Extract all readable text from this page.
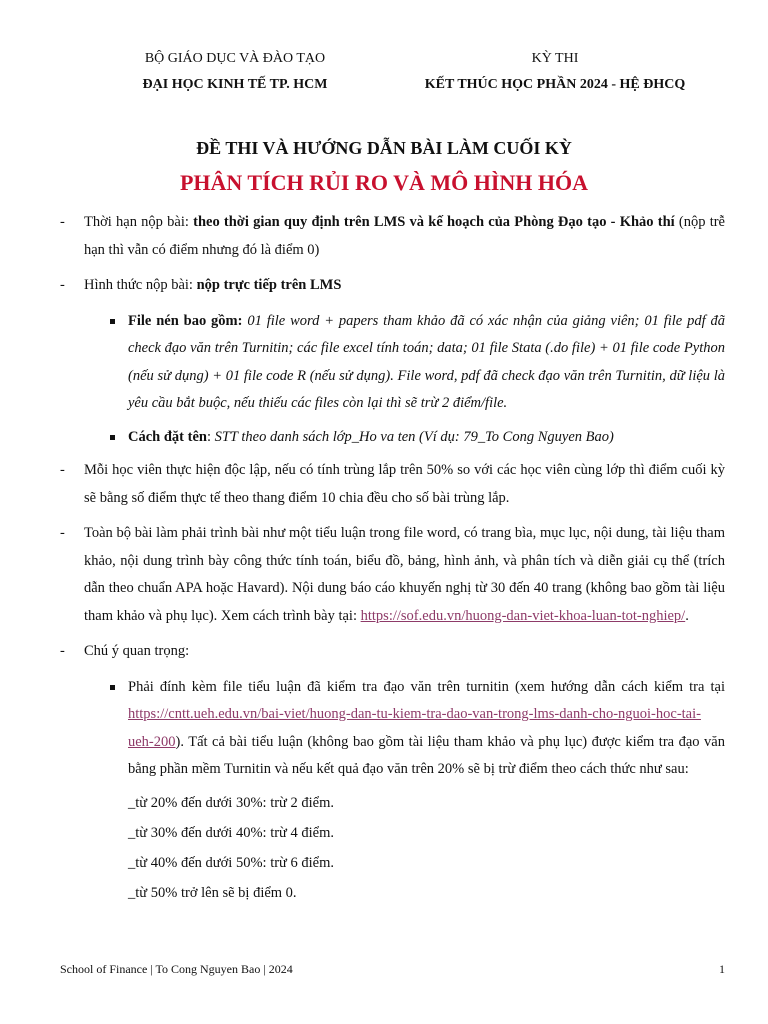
BỘ GIÁO DỤC VÀ ĐÀO TẠO
ĐẠI HỌC KINH TẾ TP. HCM
KỲ THI
KẾT THÚC HỌC PHẦN 2024 - HỆ ĐHCQ
ĐỀ THI VÀ HƯỚNG DẪN BÀI LÀM CUỐI KỲ
PHÂN TÍCH RỦI RO VÀ MÔ HÌNH HÓA
- Thời hạn nộp bài: theo thời gian quy định trên LMS và kế hoạch của Phòng Đạo tạo - Khảo thí (nộp trễ hạn thì vẫn có điểm nhưng đó là điểm 0)
- Hình thức nộp bài: nộp trực tiếp trên LMS
File nén bao gồm: 01 file word + papers tham khảo đã có xác nhận của giảng viên; 01 file pdf đã check đạo văn trên Turnitin; các file excel tính toán; data; 01 file Stata (.do file) + 01 file code Python (nếu sử dụng) + 01 file code R (nếu sử dụng). File word, pdf đã check đạo văn trên Turnitin, dữ liệu là yêu cầu bắt buộc, nếu thiếu các files còn lại thì sẽ trừ 2 điểm/file.
Cách đặt tên: STT theo danh sách lớp_Ho va ten (Ví dụ: 79_To Cong Nguyen Bao)
- Mỗi học viên thực hiện độc lập, nếu có tính trùng lắp trên 50% so với các học viên cùng lớp thì điểm cuối kỳ sẽ bằng số điểm thực tế theo thang điểm 10 chia đều cho số bài trùng lắp.
- Toàn bộ bài làm phải trình bài như một tiểu luận trong file word, có trang bìa, mục lục, nội dung, tài liệu tham khảo, nội dung trình bày công thức tính toán, biểu đồ, bảng, hình ảnh, và phân tích và diễn giải cụ thể (trích dẫn theo chuẩn APA hoặc Havard). Nội dung báo cáo khuyến nghị từ 30 đến 40 trang (không bao gồm tài liệu tham khảo và phụ lục). Xem cách trình bày tại: https://sof.edu.vn/huong-dan-viet-khoa-luan-tot-nghiep/.
- Chú ý quan trọng:
Phải đính kèm file tiểu luận đã kiểm tra đạo văn trên turnitin (xem hướng dẫn cách kiểm tra tại https://cntt.ueh.edu.vn/bai-viet/huong-dan-tu-kiem-tra-dao-van-trong-lms-danh-cho-nguoi-hoc-tai-ueh-200). Tất cả bài tiểu luận (không bao gồm tài liệu tham khảo và phụ lục) được kiểm tra đạo văn bằng phần mềm Turnitin và nếu kết quả đạo văn trên 20% sẽ bị trừ điểm theo cách thức như sau:
_từ 20% đến dưới 30%: trừ 2 điểm.
_từ 30% đến dưới 40%: trừ 4 điểm.
_từ 40% đến dưới 50%: trừ 6 điểm.
_từ 50% trở lên sẽ bị điểm 0.
School of Finance | To Cong Nguyen Bao | 2024	1
